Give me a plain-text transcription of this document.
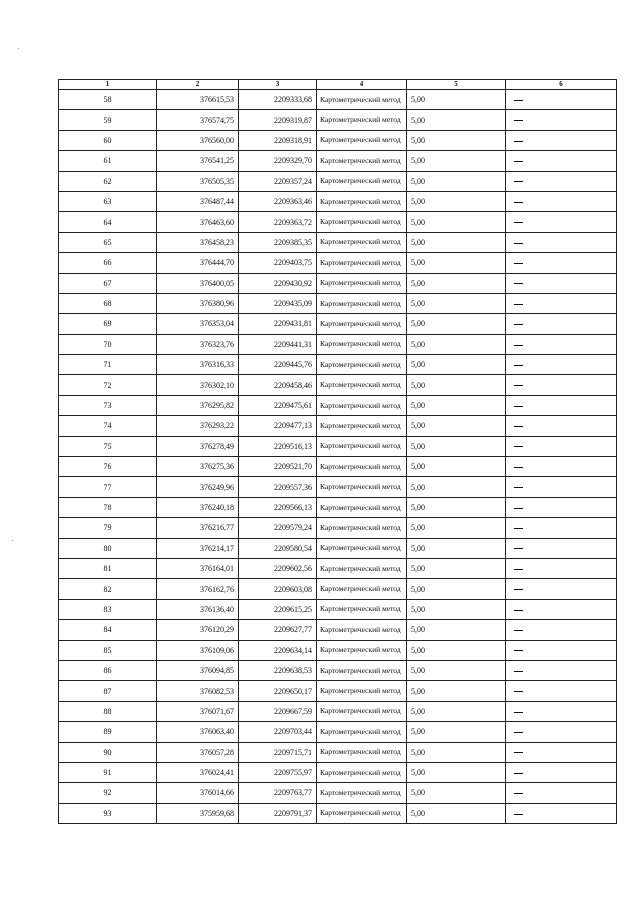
1	2	3	4	5	6
58	376615,53	2209333,68	Картометрический метод	5,00	

59	376574,75	2209319,87	Картометрический метод	5,00	

60	376560,00	2209318,91	Картометрический метод	5,00	

61	376541,25	2209329,70	Картометрический метод	5,00	

62	376505,35	2209357,24	Картометрический метод	5,00	

63	376487,44	2209363,46	Картометрический метод	5,00	

64	376463,60	2209363,72	Картометрический метод	5,00	

65	376458,23	2209385,35	Картометрический метод	5,00	

66	376444,70	2209403,75	Картометрический метод	5,00	

67	376400,05	2209430,92	Картометрический метод	5,00	

68	376380,96	2209435,09	Картометрический метод	5,00	

69	376353,04	2209431,81	Картометрический метод	5,00	

70	376323,76	2209441,31	Картометрический метод	5,00	

71	376316,33	2209445,76	Картометрический метод	5,00	

72	376302,10	2209458,46	Картометрический метод	5,00	

73	376295,82	2209475,61	Картометрический метод	5,00	

74	376293,22	2209477,13	Картометрический метод	5,00	

75	376278,49	2209516,13	Картометрический метод	5,00	

76	376275,36	2209521,70	Картометрический метод	5,00	

77	376249,96	2209557,36	Картометрический метод	5,00	

78	376240,18	2209566,13	Картометрический метод	5,00	

79	376216,77	2209579,24	Картометрический метод	5,00	

80	376214,17	2209580,54	Картометрический метод	5,00	

81	376164,01	2209602,56	Картометрический метод	5,00	

82	376162,76	2209603,08	Картометрический метод	5,00	

83	376136,40	2209615,25	Картометрический метод	5,00	

84	376120,29	2209627,77	Картометрический метод	5,00	

85	376109,06	2209634,14	Картометрический метод	5,00	

86	376094,85	2209638,53	Картометрический метод	5,00	

87	376082,53	2209650,17	Картометрический метод	5,00	

88	376071,67	2209667,59	Картометрический метод	5,00	

89	376063,40	2209703,44	Картометрический метод	5,00	

90	376057,28	2209715,71	Картометрический метод	5,00	

91	376024,41	2209755,97	Картометрический метод	5,00	

92	376014,66	2209763,77	Картометрический метод	5,00	

93	375959,68	2209791,37	Картометрический метод	5,00	
